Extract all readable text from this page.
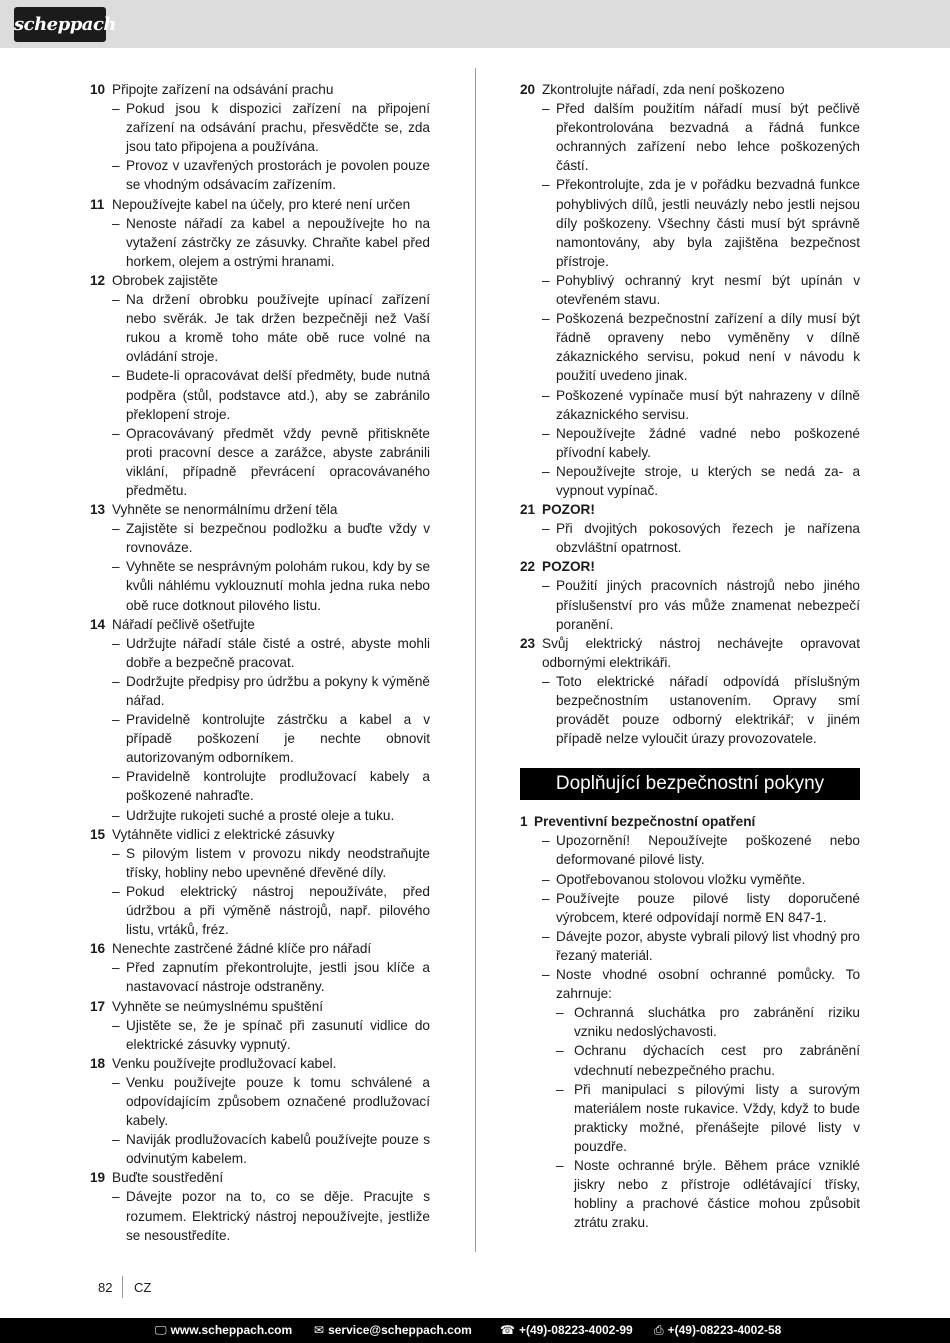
scheppach
10 Připojte zařízení na odsávání prachu
– Pokud jsou k dispozici zařízení na připojení zařízení na odsávání prachu, přesvědčte se, zda jsou tato připojena a používána.
– Provoz v uzavřených prostorách je povolen pouze se vhodným odsávacím zařízením.
11 Nepoužívejte kabel na účely, pro které není určen
– Nenoste nářadí za kabel a nepoužívejte ho na vytažení zástrčky ze zásuvky. Chraňte kabel před horkem, olejem a ostrými hranami.
12 Obrobek zajistěte
– Na držení obrobku používejte upínací zařízení nebo svěrák. Je tak držen bezpečněji než Vaší rukou a kromě toho máte obě ruce volné na ovládání stroje.
– Budete-li opracovávat delší předměty, bude nutná podpěra (stůl, podstavce atd.), aby se zabránilo překlopení stroje.
– Opracovávaný předmět vždy pevně přitiskněte proti pracovní desce a zarážce, abyste zabránili viklání, případně převrácení opracovávaného předmětu.
13 Vyhněte se nenormálnímu držení těla
– Zajistěte si bezpečnou podložku a buďte vždy v rovnováze.
– Vyhněte se nesprávným polohám rukou, kdy by se kvůli náhlému vyklouznutí mohla jedna ruka nebo obě ruce dotknout pilového listu.
14 Nářadí pečlivě ošetřujte
– Udržujte nářadí stále čisté a ostré, abyste mohli dobře a bezpečně pracovat.
– Dodržujte předpisy pro údržbu a pokyny k výměně nářad.
– Pravidelně kontrolujte zástrčku a kabel a v případě poškození je nechte obnovit autorizovaným odborníkem.
– Pravidelně kontrolujte prodlužovací kabely a poškozené nahraďte.
– Udržujte rukojeti suché a prosté oleje a tuku.
15 Vytáhněte vidlici z elektrické zásuvky
– S pilovým listem v provozu nikdy neodstraňujte třísky, hobliny nebo upevněné dřevěné díly.
– Pokud elektrický nástroj nepoužíváte, před údržbou a při výměně nástrojů, např. pilového listu, vrtáků, fréz.
16 Nenechte zastrčené žádné klíče pro nářadí
– Před zapnutím překontrolujte, jestli jsou klíče a nastavovací nástroje odstraněny.
17 Vyhněte se neúmyslnému spuštění
– Ujistěte se, že je spínač při zasunutí vidlice do elektrické zásuvky vypnutý.
18 Venku používejte prodlužovací kabel.
– Venku používejte pouze k tomu schválené a odpovídajícím způsobem označené prodlužovací kabely.
– Naviják prodlužovacích kabelů používejte pouze s odvinutým kabelem.
19 Buďte soustředění
– Dávejte pozor na to, co se děje. Pracujte s rozumem. Elektrický nástroj nepoužívejte, jestliže se nesoustředíte.
20 Zkontrolujte nářadí, zda není poškozeno
– Před dalším použitím nářadí musí být pečlivě překontrolována bezvadná a řádná funkce ochranných zařízení nebo lehce poškozených částí.
– Překontrolujte, zda je v pořádku bezvadná funkce pohyblivých dílů, jestli neuvázly nebo jestli nejsou díly poškozeny. Všechny části musí být správně namontovány, aby byla zajištěna bezpečnost přístroje.
– Pohyblivý ochranný kryt nesmí být upínán v otevřeném stavu.
– Poškozená bezpečnostní zařízení a díly musí být řádně opraveny nebo vyměněny v dílně zákaznického servisu, pokud není v návodu k použití uvedeno jinak.
– Poškozené vypínače musí být nahrazeny v dílně zákaznického servisu.
– Nepoužívejte žádné vadné nebo poškozené přívodní kabely.
– Nepoužívejte stroje, u kterých se nedá za- a vypnout vypínač.
21 POZOR!
– Při dvojitých pokosových řezech je nařízena obzvláštní opatrnost.
22 POZOR!
– Použití jiných pracovních nástrojů nebo jiného příslušenství pro vás může znamenat nebezpečí poranění.
23 Svůj elektrický nástroj nechávejte opravovat odbornými elektrikáři.
– Toto elektrické nářadí odpovídá příslušným bezpečnostním ustanovením. Opravy smí provádět pouze odborný elektrikář; v jiném případě nelze vyloučit úrazy provozovatele.
Doplňující bezpečnostní pokyny
1 Preventivní bezpečnostní opatření
– Upozornění! Nepoužívejte poškozené nebo deformované pilové listy.
– Opotřebovanou stolovou vložku vyměňte.
– Používejte pouze pilové listy doporučené výrobcem, které odpovídají normě EN 847-1.
– Dávejte pozor, abyste vybrali pilový list vhodný pro řezaný materiál.
– Noste vhodné osobní ochranné pomůcky. To zahrnuje:
– Ochranná sluchátka pro zabránění riziku vzniku nedoslýchavosti.
– Ochranu dýchacích cest pro zabránění vdechnutí nebezpečného prachu.
– Při manipulaci s pilovými listy a surovým materiálem noste rukavice. Vždy, když to bude prakticky možné, přenášejte pilové listy v pouzdře.
– Noste ochranné brýle. Během práce vzniklé jiskry nebo z přístroje odlétávající třísky, hobliny a prachové částice mohou způsobit ztrátu zraku.
82 CZ
🖵 www.scheppach.com ✉ service@scheppach.com ☎ +(49)-08223-4002-99 ⎙ +(49)-08223-4002-58
